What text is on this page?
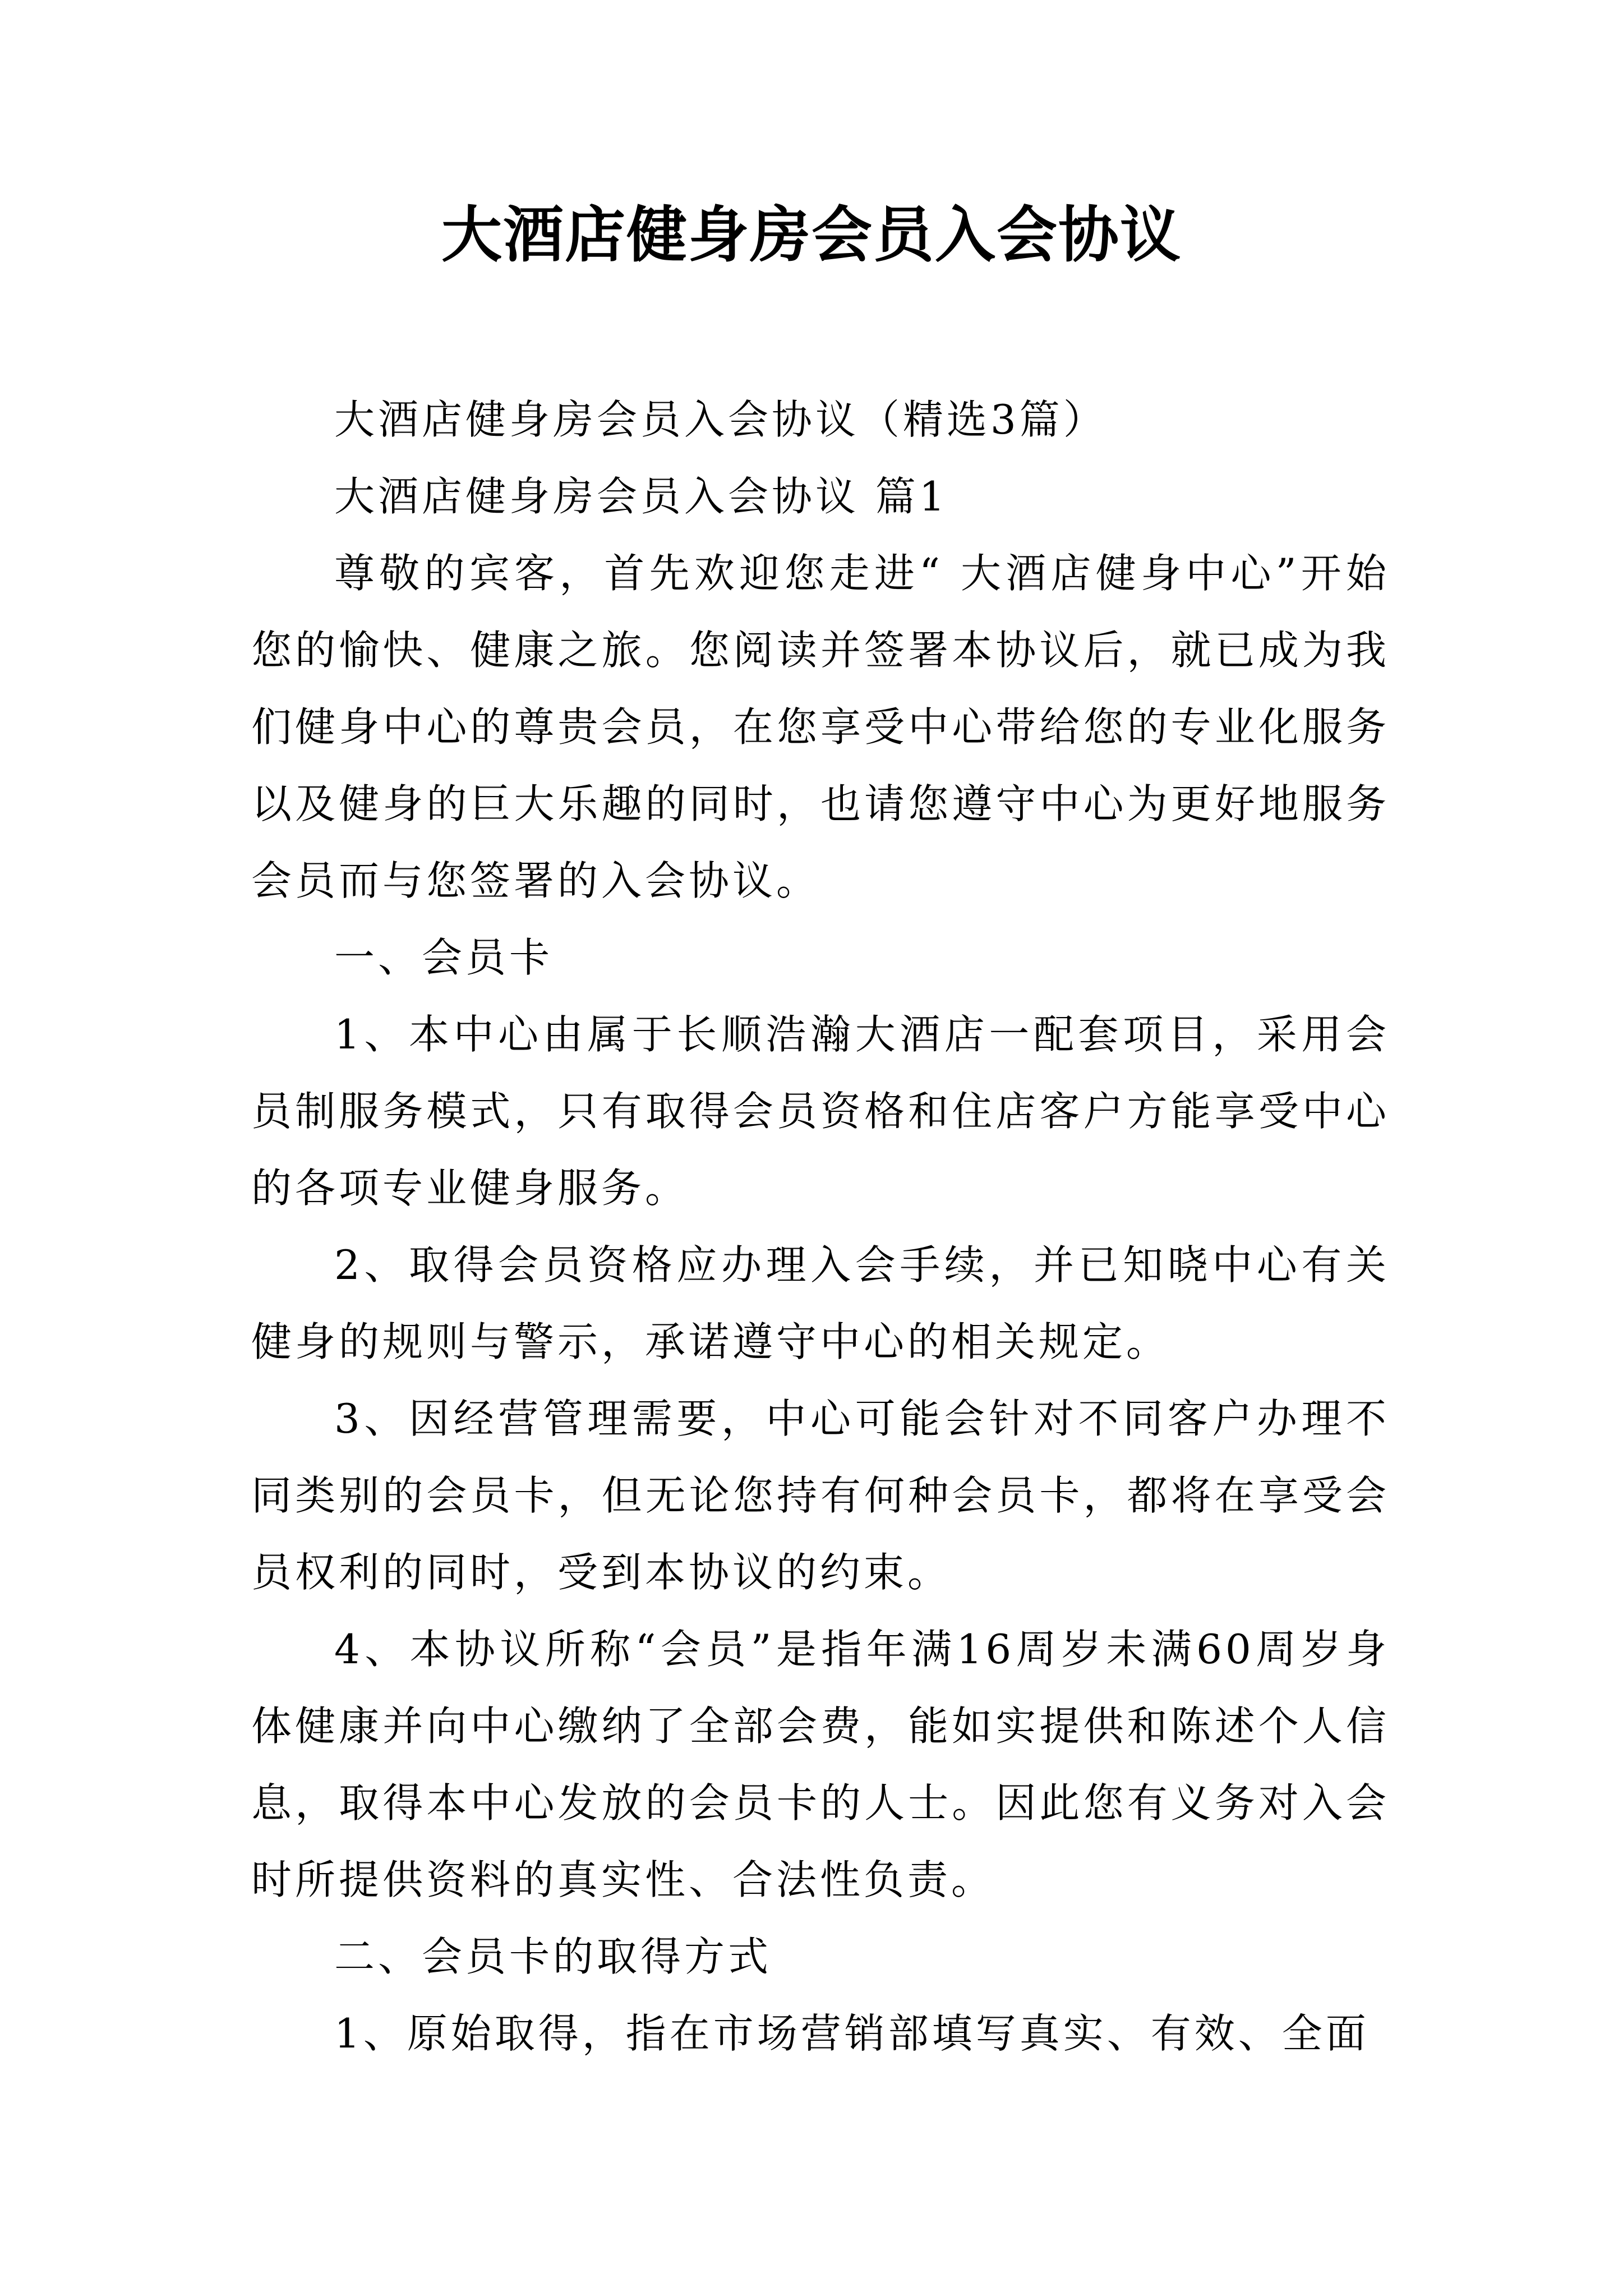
大酒店健身房会员入会协议

大酒店健身房会员入会协议（精选3篇）

大酒店健身房会员入会协议 篇1

尊敬的宾客，首先欢迎您走进“ 大酒店健身中心”开始您的愉快、健康之旅。您阅读并签署本协议后，就已成为我们健身中心的尊贵会员，在您享受中心带给您的专业化服务以及健身的巨大乐趣的同时，也请您遵守中心为更好地服务会员而与您签署的入会协议。

一、会员卡

1、本中心由属于长顺浩瀚大酒店一配套项目，采用会员制服务模式，只有取得会员资格和住店客户方能享受中心的各项专业健身服务。

2、取得会员资格应办理入会手续，并已知晓中心有关健身的规则与警示，承诺遵守中心的相关规定。

3、因经营管理需要，中心可能会针对不同客户办理不同类别的会员卡，但无论您持有何种会员卡，都将在享受会员权利的同时，受到本协议的约束。

4、本协议所称“会员”是指年满16周岁未满60周岁身体健康并向中心缴纳了全部会费，能如实提供和陈述个人信息，取得本中心发放的会员卡的人士。因此您有义务对入会时所提供资料的真实性、合法性负责。

二、会员卡的取得方式

1、原始取得，指在市场营销部填写真实、有效、全面
